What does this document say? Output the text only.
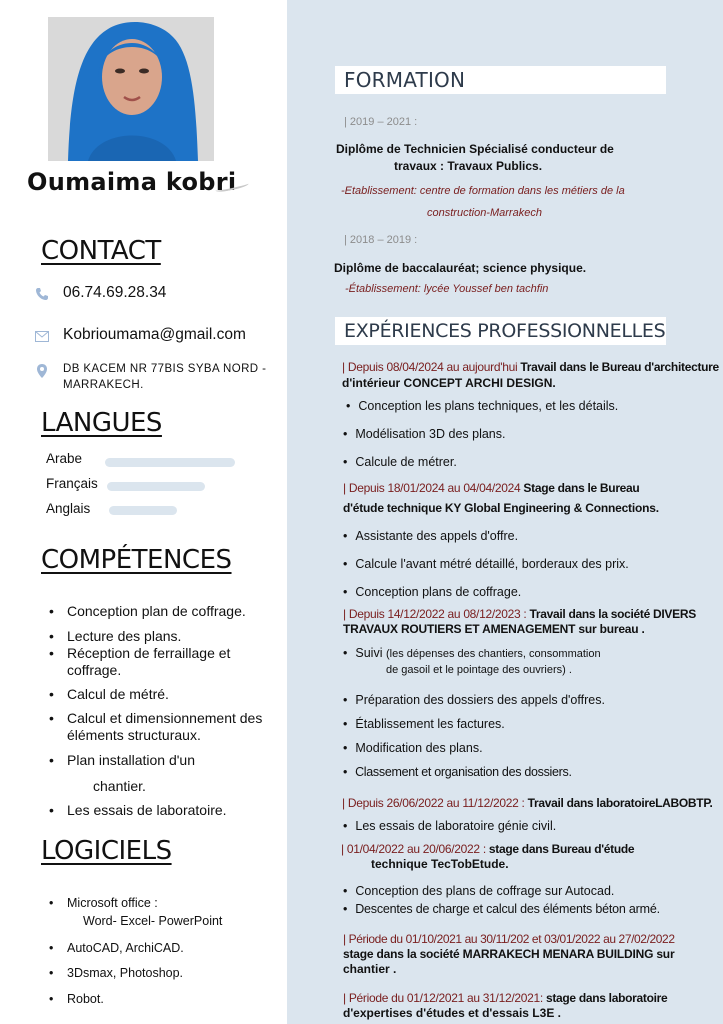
Oumaima kobri
CONTACT
06.74.69.28.34
Kobrioumama@gmail.com
DB KACEM NR 77BIS SYBA NORD - MARRAKECH.
LANGUES
Arabe
Français
Anglais
COMPÉTENCES
• Conception plan de coffrage.
• Lecture des plans.
• Réception de ferraillage et coffrage.
• Calcul de métré.
• Calcul et dimensionnement des éléments structuraux.
• Plan installation d'un
chantier.
• Les essais de laboratoire.
LOGICIELS
• Microsoft office :
Word- Excel- PowerPoint
• AutoCAD, ArchiCAD.
• 3Dsmax, Photoshop.
• Robot.
FORMATION
| 2019 – 2021 :
Diplôme de Technicien Spécialisé conducteur de
travaux : Travaux Publics.
-Etablissement: centre de formation dans les métiers de la
construction-Marrakech
| 2018 – 2019 :
Diplôme de baccalauréat; science physique.
-Établissement: lycée Youssef ben tachfin
EXPÉRIENCES PROFESSIONNELLES
| Depuis 08/04/2024 au aujourd'hui Travail dans le Bureau d'architecture
d'intérieur CONCEPT ARCHI DESIGN.
• Conception les plans techniques, et les détails.
• Modélisation 3D des plans.
• Calcule de métrer.
| Depuis 18/01/2024 au 04/04/2024 Stage dans le Bureau
d'étude technique KY Global Engineering & Connections.
• Assistante des appels d'offre.
• Calcule l'avant métré détaillé, borderaux des prix.
• Conception plans de coffrage.
| Depuis 14/12/2022 au 08/12/2023 : Travail dans la société DIVERS
TRAVAUX ROUTIERS ET AMENAGEMENT sur bureau .
• Suivi (les dépenses des chantiers, consommation
de gasoil et le pointage des ouvriers) .
• Préparation des dossiers des appels d'offres.
• Établissement les factures.
• Modification des plans.
• Classement et organisation des dossiers.
| Depuis 26/06/2022 au 11/12/2022 : Travail dans laboratoireLABOBTP.
• Les essais de laboratoire génie civil.
| 01/04/2022 au 20/06/2022 : stage dans Bureau d'étude
technique TecTobEtude.
• Conception des plans de coffrage sur Autocad.
• Descentes de charge et calcul des éléments béton armé.
| Période du 01/10/2021 au 30/11/202 et 03/01/2022 au 27/02/2022
stage dans la société MARRAKECH MENARA BUILDING sur
chantier .
| Période du 01/12/2021 au 31/12/2021: stage dans laboratoire
d'expertises d'études et d'essais L3E .
